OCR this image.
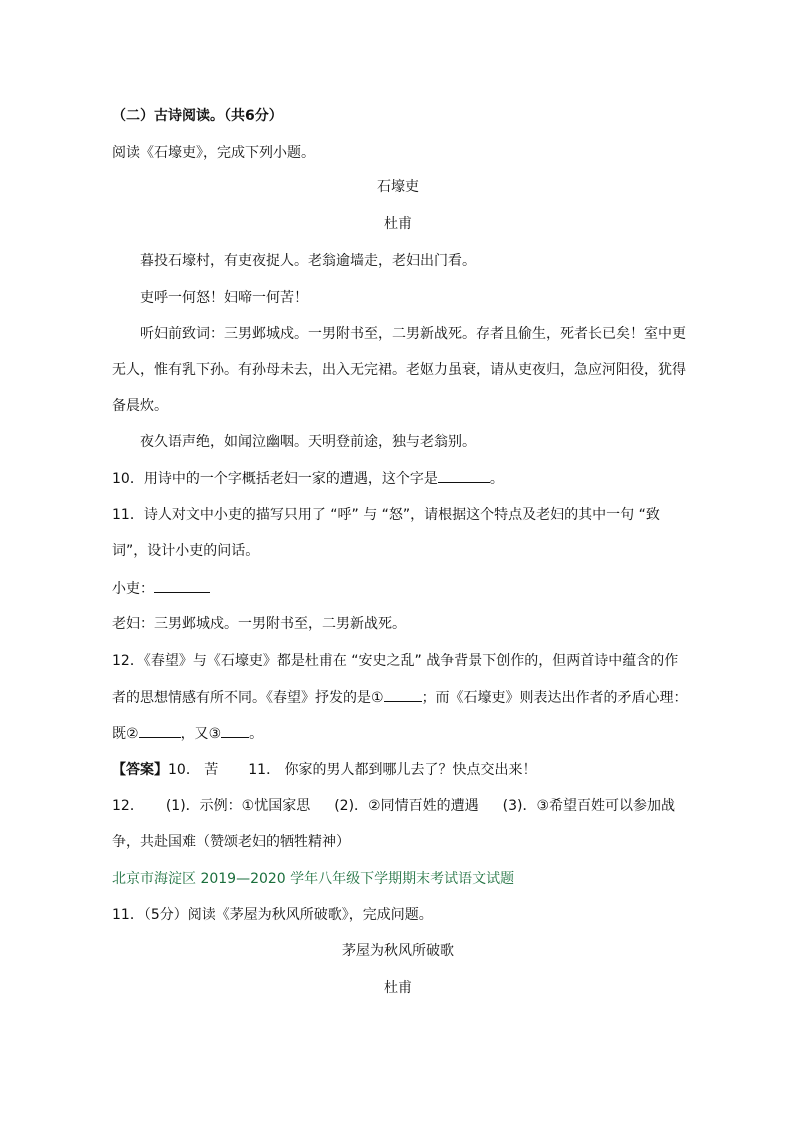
（二）古诗阅读。（共6分）
阅读《石壕吏》，完成下列小题。
石壕吏
杜甫
暮投石壕村，有吏夜捉人。老翁逾墙走，老妇出门看。
吏呼一何怒！妇啼一何苦！
听妇前致词：三男邺城戍。一男附书至，二男新战死。存者且偷生，死者长已矣！室中更
无人，惟有乳下孙。有孙母未去，出入无完裙。老妪力虽衰，请从吏夜归，急应河阳役，犹得
备晨炊。
夜久语声绝，如闻泣幽咽。天明登前途，独与老翁别。
10．用诗中的一个字概括老妇一家的遭遇，这个字是	。
11．诗人对文中小吏的描写只用了 “呼” 与 “怒”，请根据这个特点及老妇的其中一句 “致
词”，设计小吏的问话。
小吏：
老妇：三男邺城戍。一男附书至，二男新战死。
12．《春望》与《石壕吏》都是杜甫在 “安史之乱” 战争背景下创作的，但两首诗中蕴含的作
者的思想情感有所不同。《春望》抒发的是①	；而《石壕吏》则表达出作者的矛盾心理：
既②	，又③ 。
【答案】10． 苦 11． 你家的男人都到哪儿去了？快点交出来！
12． (1)．示例：①忧国家思 (2)．②同情百姓的遭遇 (3)．③希望百姓可以参加战
争，共赴国难（赞颂老妇的牺牲精神）
北京市海淀区 2019—2020 学年八年级下学期期末考试语文试题
11．（5分）阅读《茅屋为秋风所破歌》，完成问题。
茅屋为秋风所破歌
杜甫
